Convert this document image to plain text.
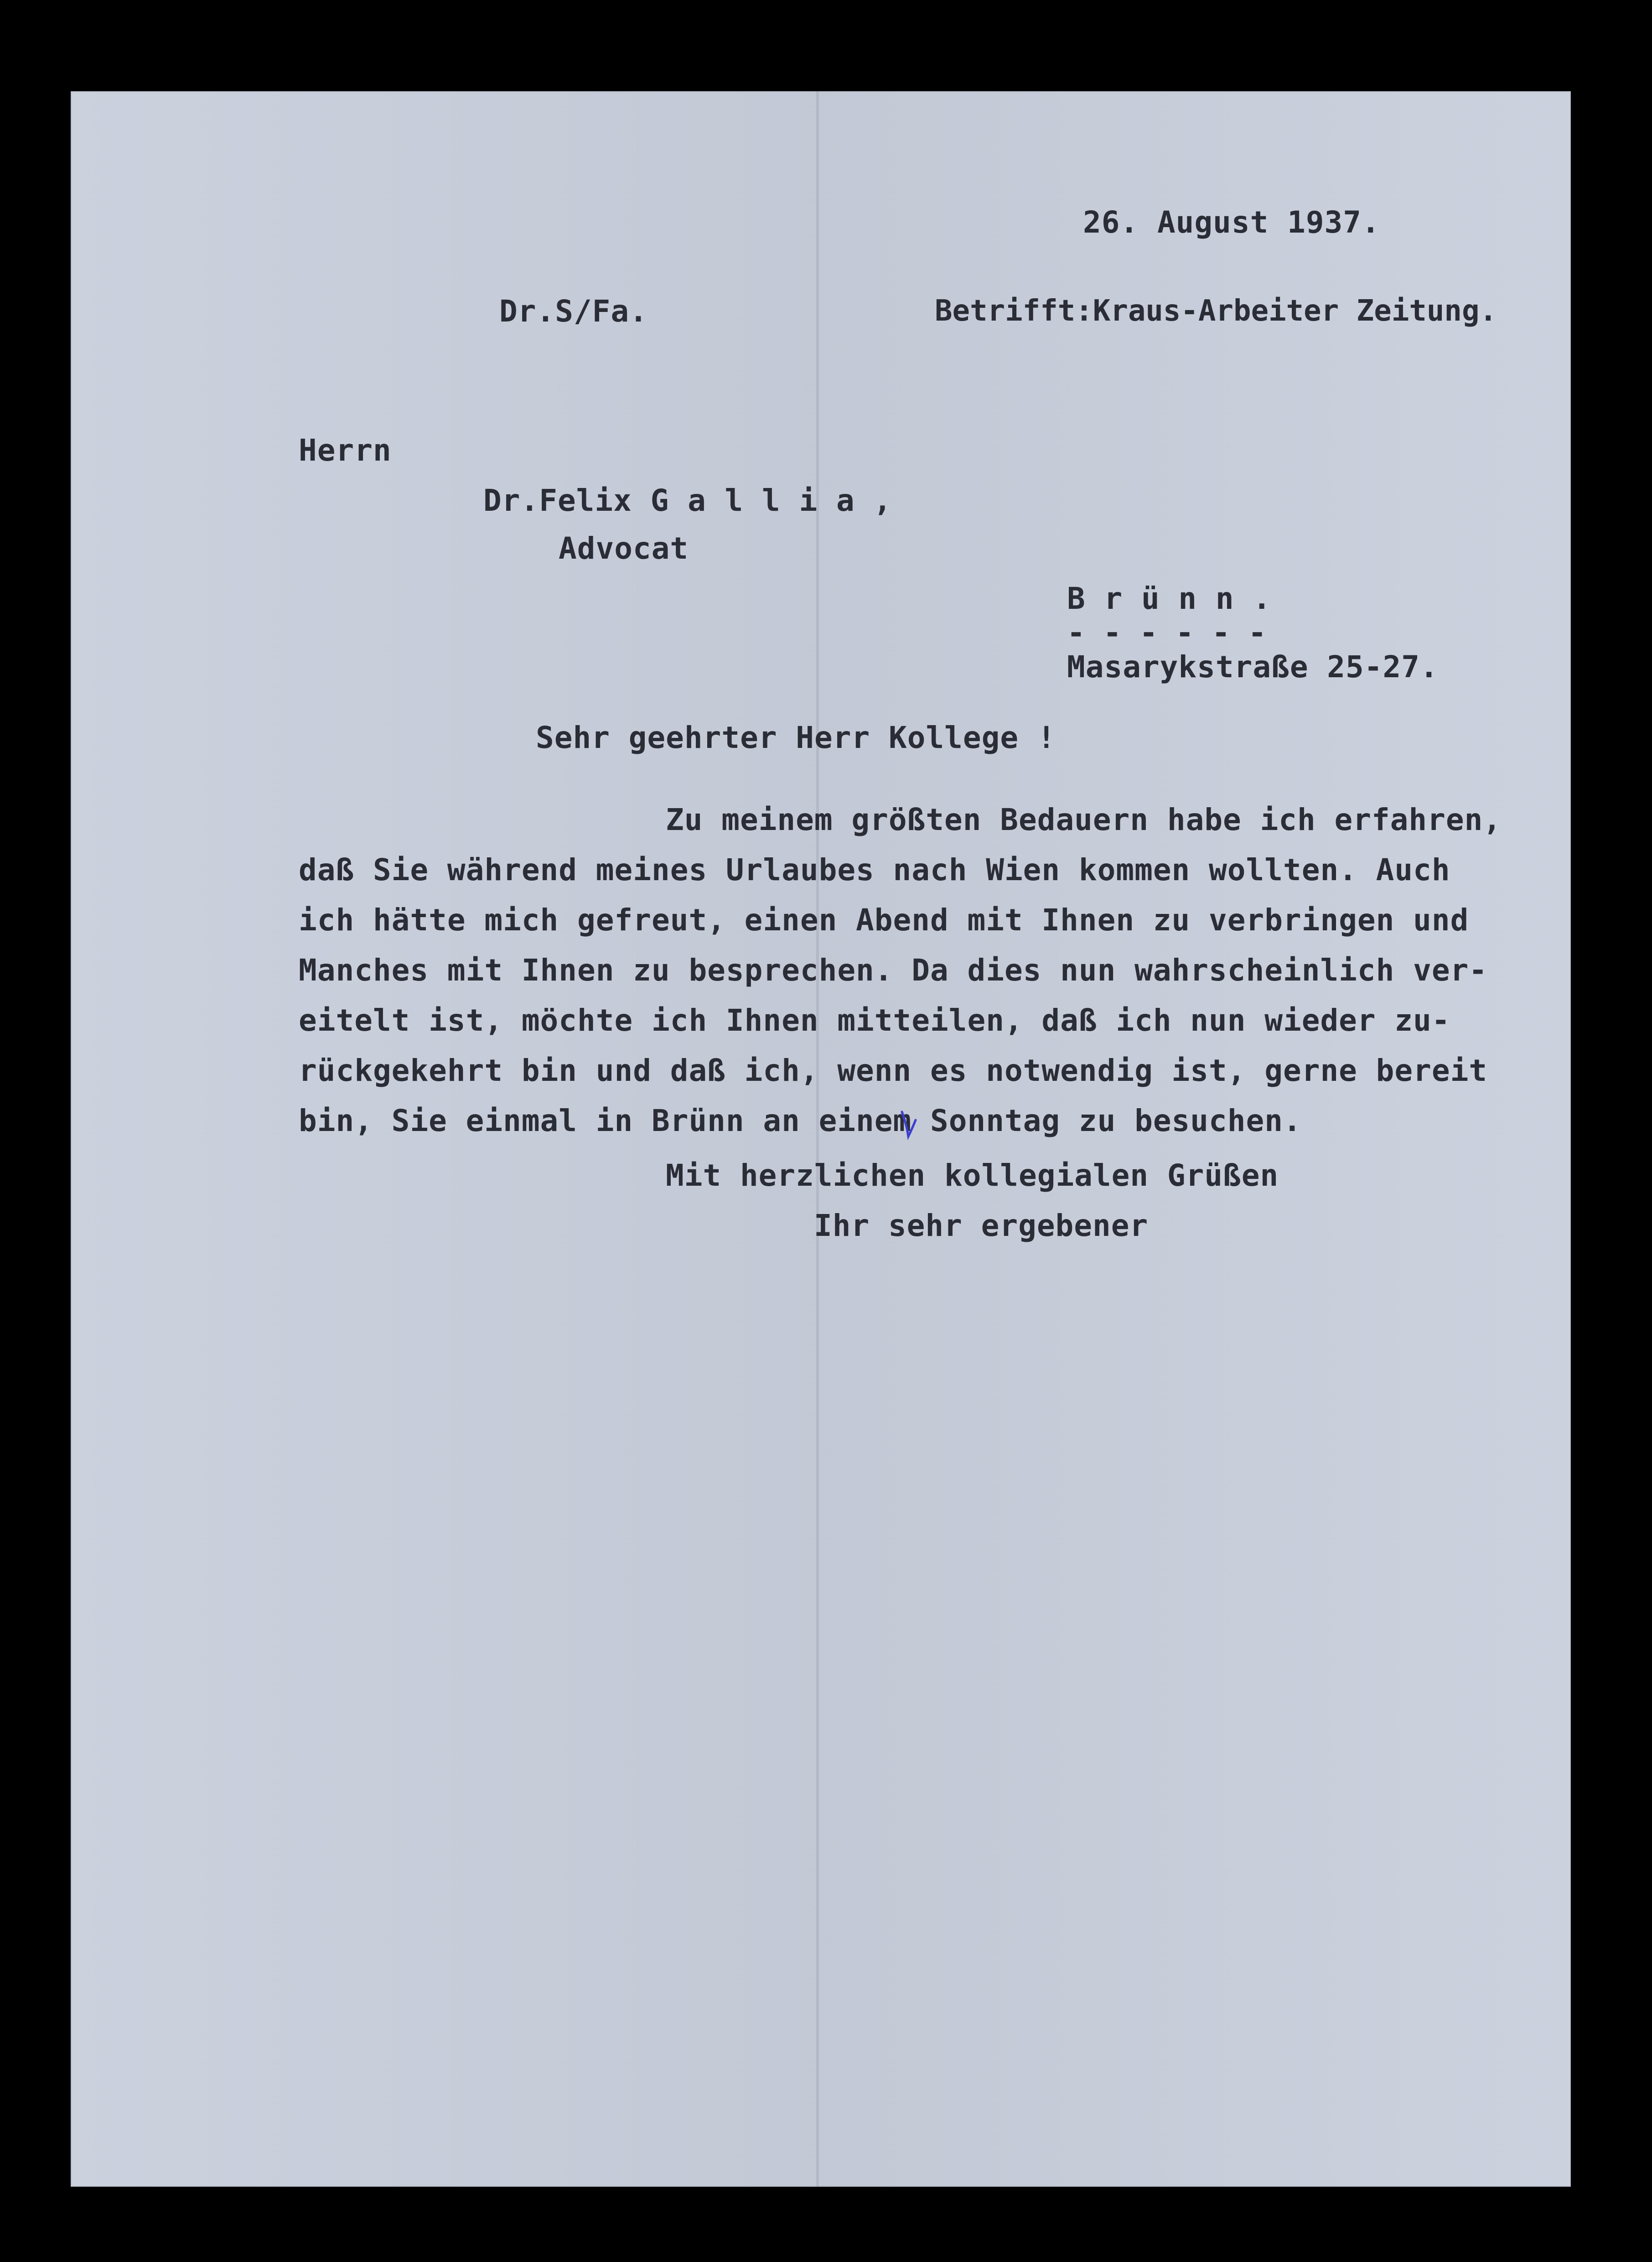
26. August 1937.
Dr.S/Fa.	Betrifft:Kraus-Arbeiter Zeitung.
Herrn
Dr.Felix G a l l i a ,
Advocat
B r ü n n .
- - - - - -
Masarykstraße 25-27.
Sehr geehrter Herr Kollege !
Zu meinem größten Bedauern habe ich erfahren,
daß Sie während meines Urlaubes nach Wien kommen wollten. Auch
ich hätte mich gefreut, einen Abend mit Ihnen zu verbringen und
Manches mit Ihnen zu besprechen. Da dies nun wahrscheinlich ver-
eitelt ist, möchte ich Ihnen mitteilen, daß ich nun wieder zu-
rückgekehrt bin und daß ich, wenn es notwendig ist, gerne bereit
bin, Sie einmal in Brünn an einem Sonntag zu besuchen.
Mit herzlichen kollegialen Grüßen
Ihr sehr ergebener
